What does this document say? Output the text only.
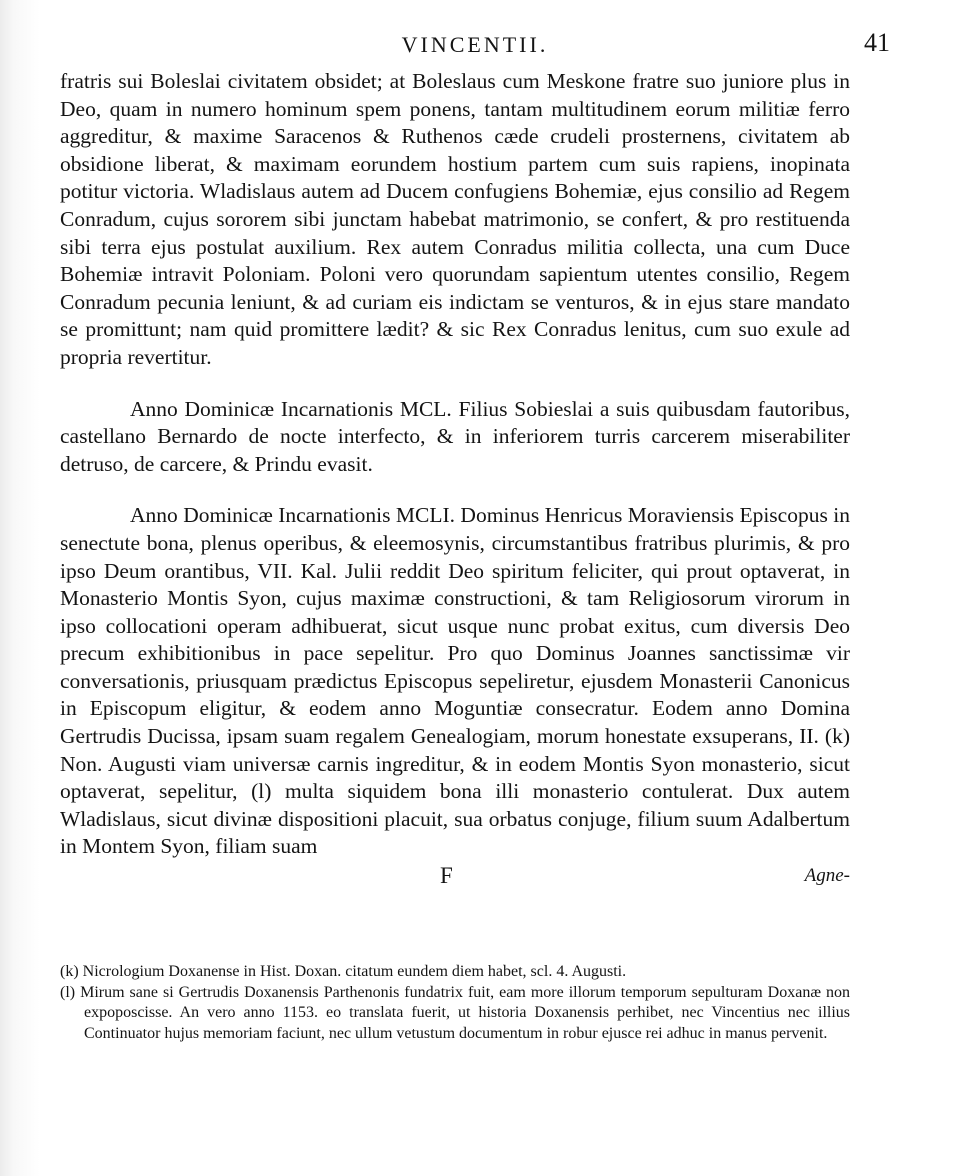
VINCENTII.	41

fratris sui Boleslai civitatem obsidet; at Boleslaus cum Meskone fratre suo juniore plus in Deo, quam in numero hominum spem ponens, tantam multitudinem eorum militiæ ferro aggreditur, & maxime Saracenos & Ruthenos cæde crudeli prosternens, civitatem ab obsidione liberat, & maximam eorundem hostium partem cum suis rapiens, inopinata potitur victoria. Wladislaus autem ad Ducem confugiens Bohemiæ, ejus consilio ad Regem Conradum, cujus sororem sibi junctam habebat matrimonio, se confert, & pro restituenda sibi terra ejus postulat auxilium. Rex autem Conradus militia collecta, una cum Duce Bohemiæ intravit Poloniam. Poloni vero quorundam sapientum utentes consilio, Regem Conradum pecunia leniunt, & ad curiam eis indictam se venturos, & in ejus stare mandato se promittunt; nam quid promittere lædit? & sic Rex Conradus lenitus, cum suo exule ad propria revertitur.

Anno Dominicæ Incarnationis MCL. Filius Sobieslai a suis quibusdam fautoribus, castellano Bernardo de nocte interfecto, & in inferiorem turris carcerem miserabiliter detruso, de carcere, & Prindu evasit.

Anno Dominicæ Incarnationis MCLI. Dominus Henricus Moraviensis Episcopus in senectute bona, plenus operibus, & eleemosynis, circumstantibus fratribus plurimis, & pro ipso Deum orantibus, VII. Kal. Julii reddit Deo spiritum feliciter, qui prout optaverat, in Monasterio Montis Syon, cujus maximæ constructioni, & tam Religiosorum virorum in ipso collocationi operam adhibuerat, sicut usque nunc probat exitus, cum diversis Deo precum exhibitionibus in pace sepelitur. Pro quo Dominus Joannes sanctissimæ vir conversationis, priusquam prædictus Episcopus sepeliretur, ejusdem Monasterii Canonicus in Episcopum eligitur, & eodem anno Moguntiæ consecratur. Eodem anno Domina Gertrudis Ducissa, ipsam suam regalem Genealogiam, morum honestate exsuperans, II. (k) Non. Augusti viam universæ carnis ingreditur, & in eodem Montis Syon monasterio, sicut optaverat, sepelitur, (l) multa siquidem bona illi monasterio contulerat. Dux autem Wladislaus, sicut divinæ dispositioni placuit, sua orbatus conjuge, filium suum Adalbertum in Montem Syon, filiam suam

F	Agne-

(k) Nicrologium Doxanense in Hist. Doxan. citatum eundem diem habet, scl. 4. Augusti.

(l) Mirum sane si Gertrudis Doxanensis Parthenonis fundatrix fuit, eam more illorum temporum sepulturam Doxanæ non expoposcisse. An vero anno 1153. eo translata fuerit, ut historia Doxanensis perhibet, nec Vincentius nec illius Continuator hujus memoriam faciunt, nec ullum vetustum documentum in robur ejusce rei adhuc in manus pervenit.
